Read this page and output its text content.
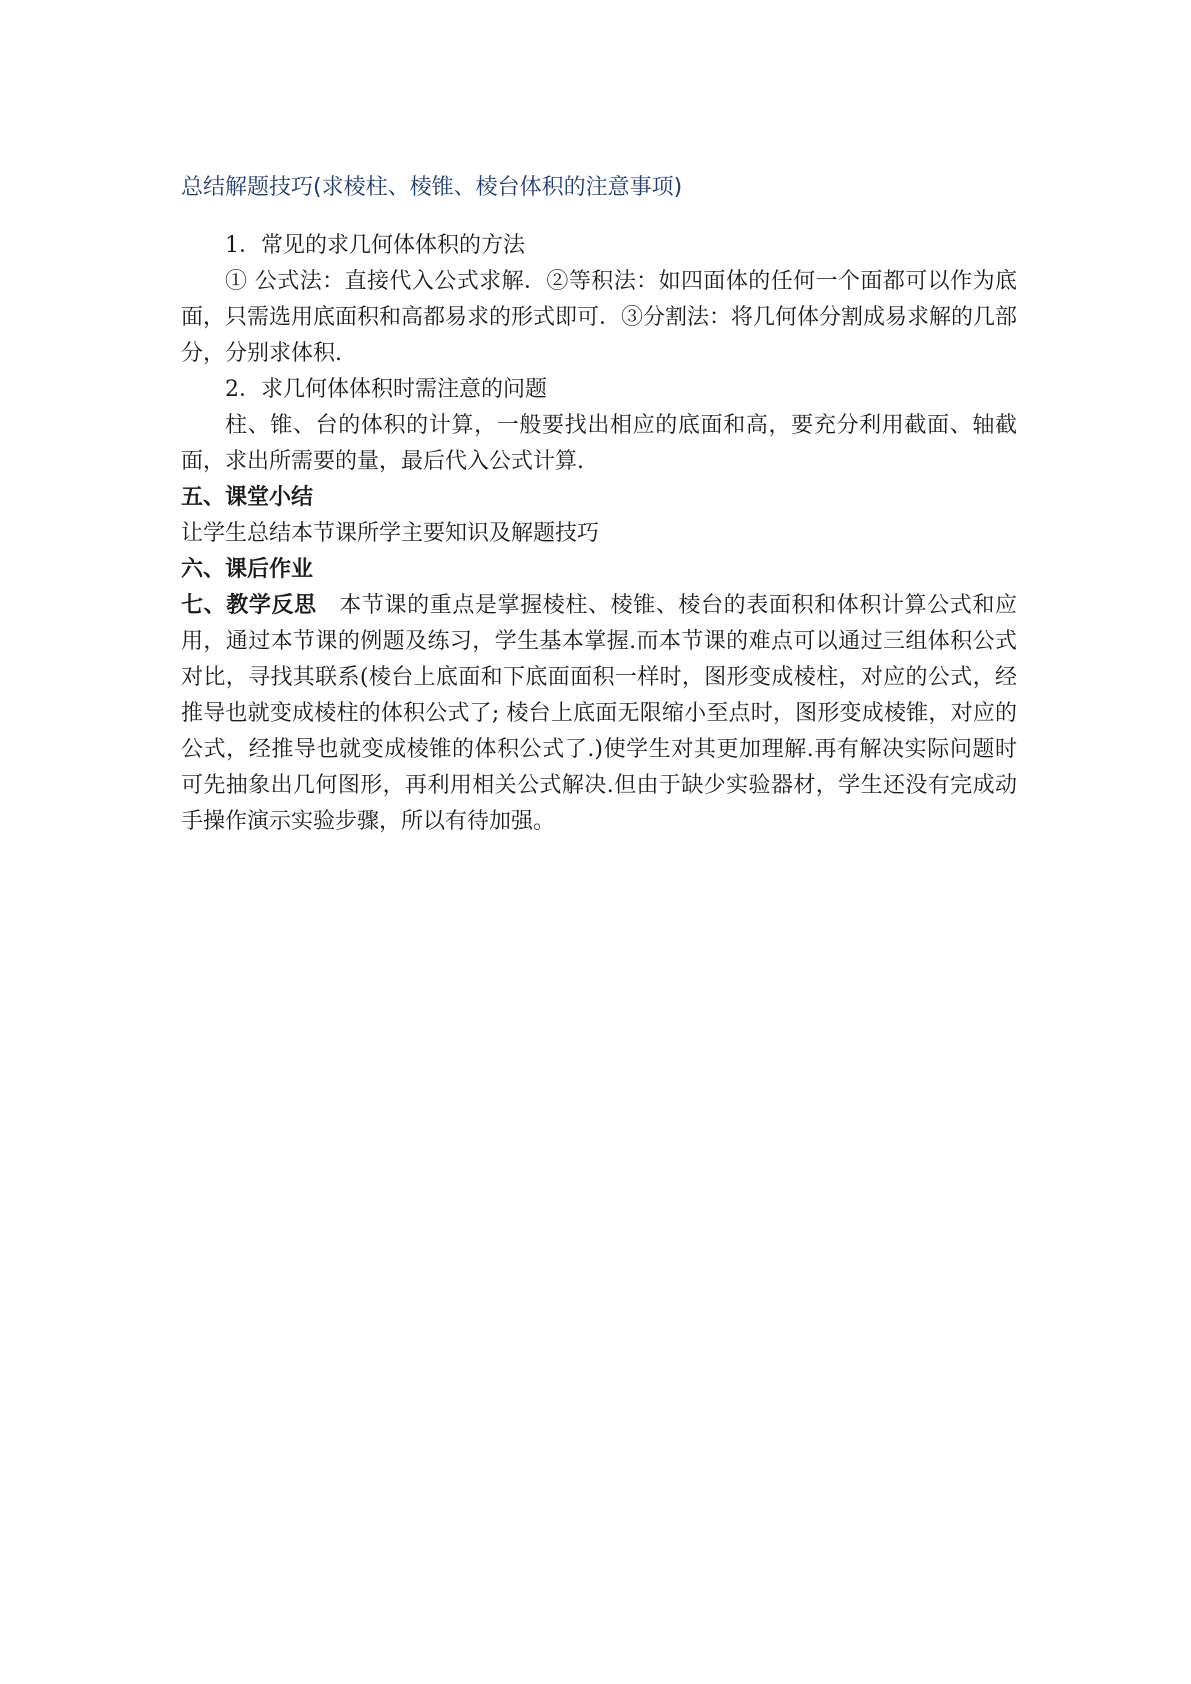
总结解题技巧(求棱柱、棱锥、棱台体积的注意事项)

1．常见的求几何体体积的方法

① 公式法：直接代入公式求解．②等积法：如四面体的任何一个面都可以作为底面，只需选用底面积和高都易求的形式即可．③分割法：将几何体分割成易求解的几部分，分别求体积.

2．求几何体体积时需注意的问题

柱、锥、台的体积的计算，一般要找出相应的底面和高，要充分利用截面、轴截面，求出所需要的量，最后代入公式计算.

五、课堂小结

让学生总结本节课所学主要知识及解题技巧

六、课后作业

七、教学反思 本节课的重点是掌握棱柱、棱锥、棱台的表面积和体积计算公式和应用，通过本节课的例题及练习，学生基本掌握.而本节课的难点可以通过三组体积公式对比，寻找其联系(棱台上底面和下底面面积一样时，图形变成棱柱，对应的公式，经推导也就变成棱柱的体积公式了; 棱台上底面无限缩小至点时，图形变成棱锥，对应的公式，经推导也就变成棱锥的体积公式了.)使学生对其更加理解.再有解决实际问题时可先抽象出几何图形，再利用相关公式解决.但由于缺少实验器材，学生还没有完成动手操作演示实验步骤，所以有待加强。
